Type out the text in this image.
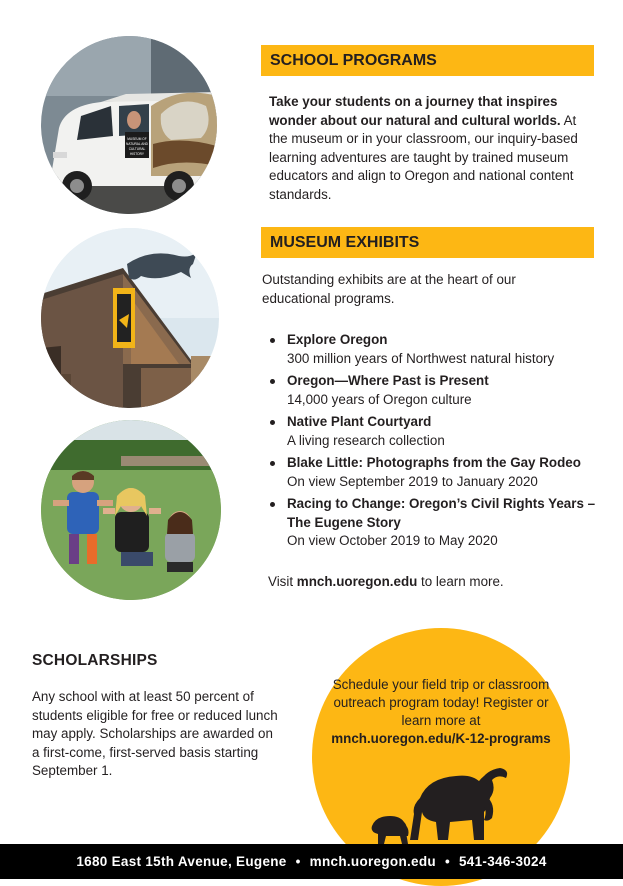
MUSEUM OF
NATURAL AND
CULTURAL
HISTORY
SCHOOL PROGRAMS
Take your students on a journey that inspires wonder about our natural and cultural worlds. At the museum or in your classroom, our inquiry-based learning adventures are taught by trained museum educators and align to Oregon and national content standards.
MUSEUM EXHIBITS
Outstanding exhibits are at the heart of our educational programs.
Explore Oregon
300 million years of Northwest natural history
Oregon—Where Past is Present
14,000 years of Oregon culture
Native Plant Courtyard
A living research collection
Blake Little: Photographs from the Gay Rodeo
On view September 2019 to January 2020
Racing to Change: Oregon’s Civil Rights Years – The Eugene Story
On view October 2019 to May 2020
Visit mnch.uoregon.edu to learn more.
SCHOLARSHIPS
Any school with at least 50 percent of students eligible for free or reduced lunch may apply. Scholarships are awarded on a first-come, first-served basis starting September 1.
Schedule your field trip or classroom outreach program today! Register or learn more at
mnch.uoregon.edu/K-12-programs
1680 East 15th Avenue, Eugene • mnch.uoregon.edu • 541-346-3024
